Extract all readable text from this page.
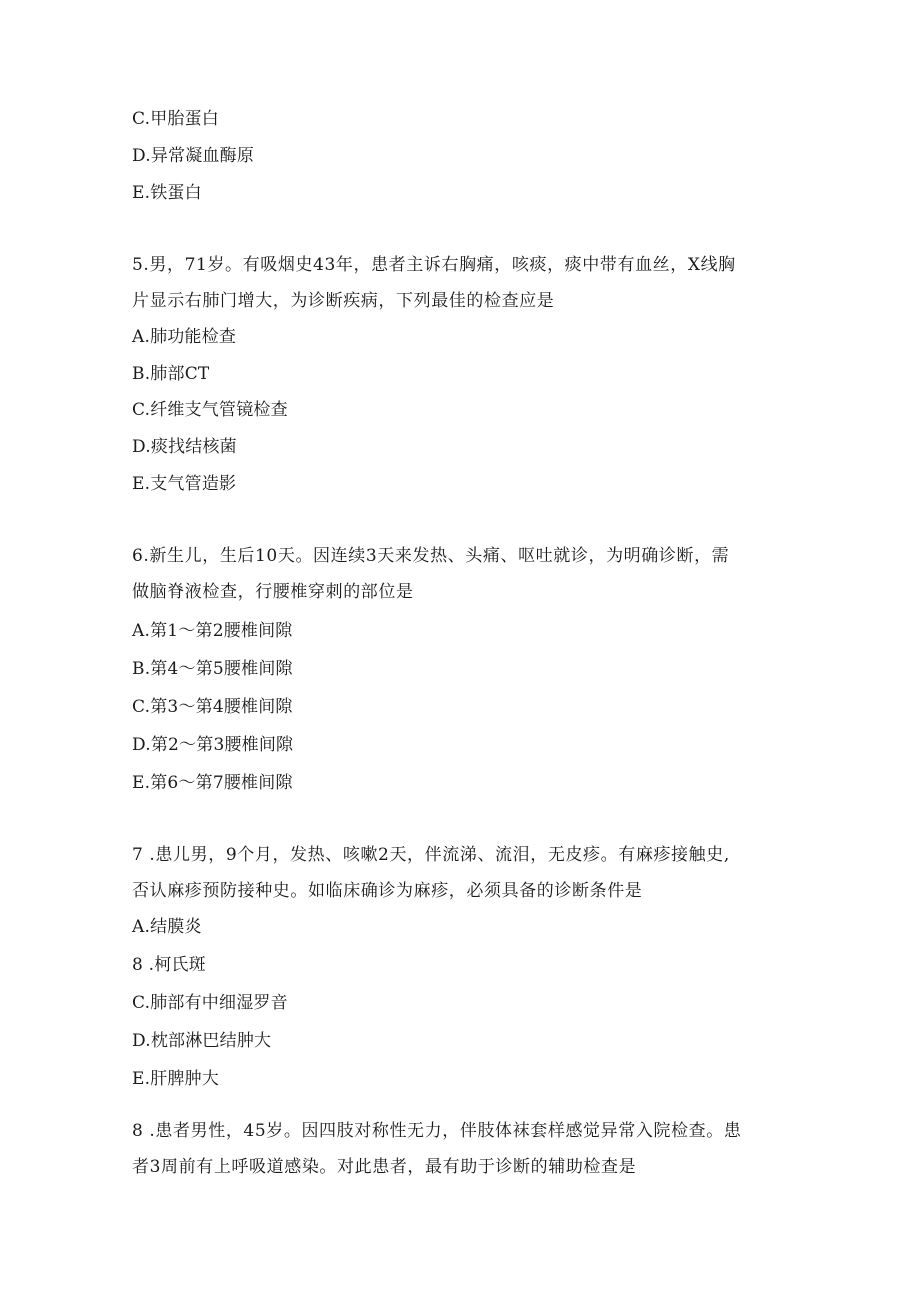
C.甲胎蛋白
D.异常凝血酶原
E.铁蛋白
5.男，71岁。有吸烟史43年，患者主诉右胸痛，咳痰，痰中带有血丝，X线胸
片显示右肺门增大，为诊断疾病，下列最佳的检查应是
A.肺功能检查
B.肺部CT
C.纤维支气管镜检查
D.痰找结核菌
E.支气管造影
6.新生儿，生后10天。因连续3天来发热、头痛、呕吐就诊，为明确诊断，需
做脑脊液检查，行腰椎穿刺的部位是
A.第1～第2腰椎间隙
B.第4～第5腰椎间隙
C.第3～第4腰椎间隙
D.第2～第3腰椎间隙
E.第6～第7腰椎间隙
7 .患儿男，9个月，发热、咳嗽2天，伴流涕、流泪，无皮疹。有麻疹接触史,
否认麻疹预防接种史。如临床确诊为麻疹，必须具备的诊断条件是
A.结膜炎
8 .柯氏斑
C.肺部有中细湿罗音
D.枕部淋巴结肿大
E.肝脾肿大
8 .患者男性，45岁。因四肢对称性无力，伴肢体袜套样感觉异常入院检查。患
者3周前有上呼吸道感染。对此患者，最有助于诊断的辅助检查是
